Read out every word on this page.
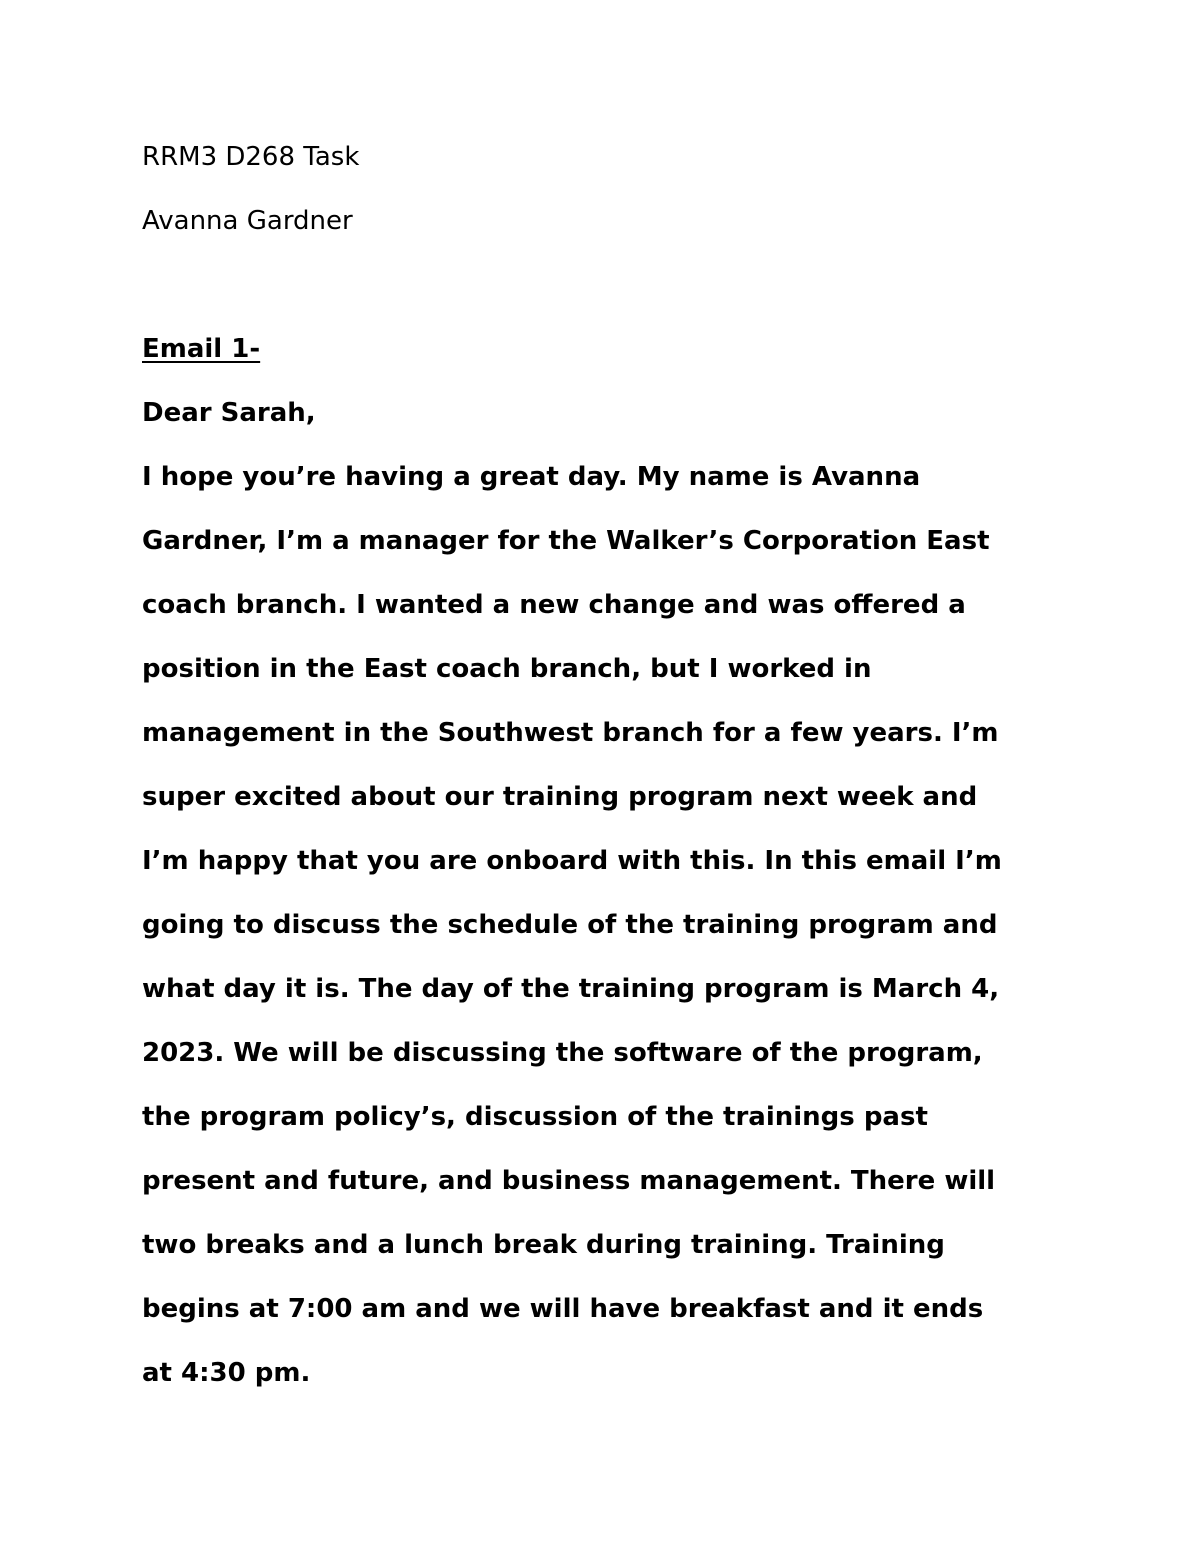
RRM3 D268 Task

Avanna Gardner

Email 1-

Dear Sarah,

I hope you’re having a great day. My name is Avanna

Gardner, I’m a manager for the Walker’s Corporation East

coach branch. I wanted a new change and was offered a

position in the East coach branch, but I worked in

management in the Southwest branch for a few years. I’m

super excited about our training program next week and

I’m happy that you are onboard with this. In this email I’m

going to discuss the schedule of the training program and

what day it is. The day of the training program is March 4,

2023. We will be discussing the software of the program,

the program policy’s, discussion of the trainings past

present and future, and business management. There will

two breaks and a lunch break during training. Training

begins at 7:00 am and we will have breakfast and it ends

at 4:30 pm.
